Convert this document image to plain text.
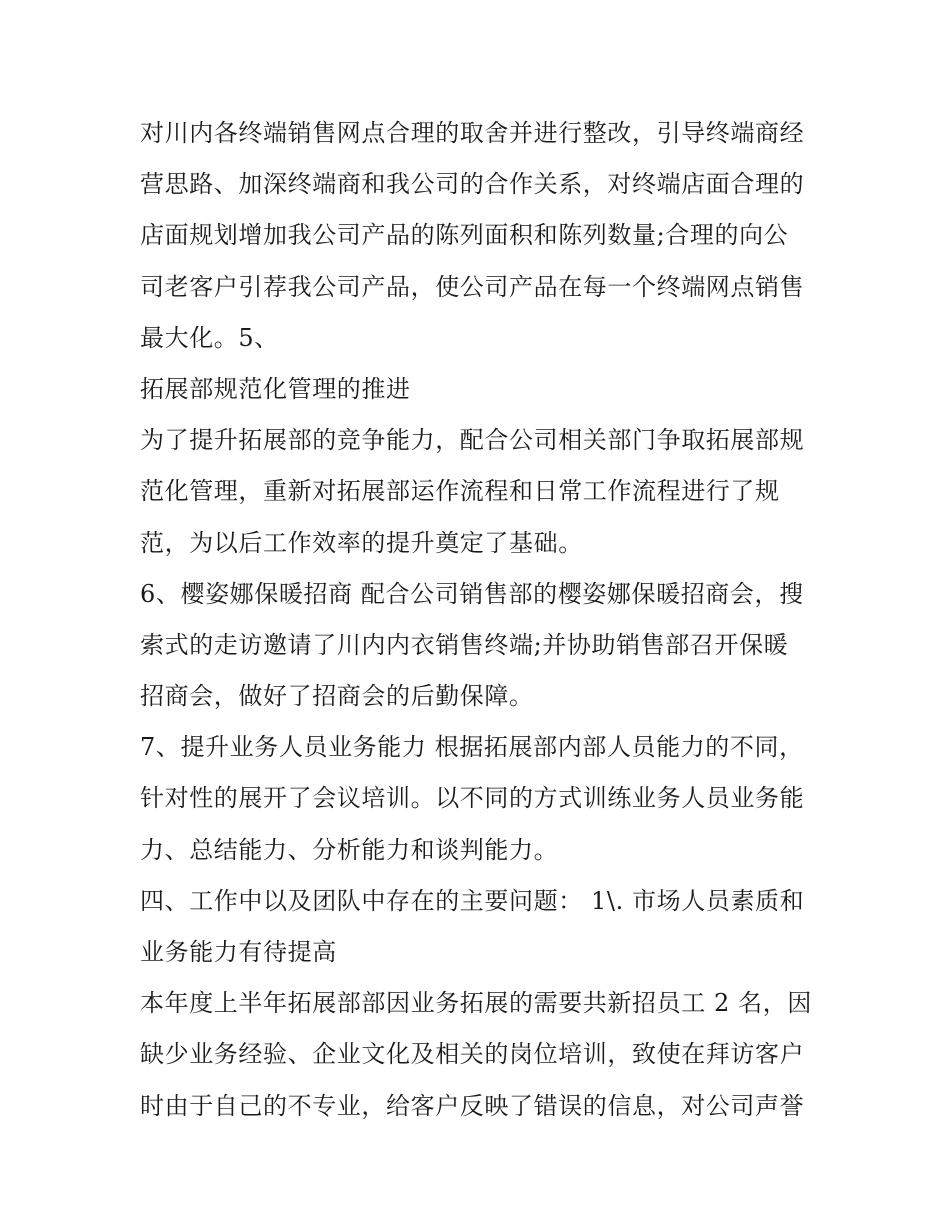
对川内各终端销售网点合理的取舍并进行整改，引导终端商经
营思路、加深终端商和我公司的合作关系，对终端店面合理的
店面规划增加我公司产品的陈列面积和陈列数量;合理的向公
司老客户引荐我公司产品，使公司产品在每一个终端网点销售
最大化。5、
拓展部规范化管理的推进
为了提升拓展部的竞争能力，配合公司相关部门争取拓展部规
范化管理，重新对拓展部运作流程和日常工作流程进行了规
范，为以后工作效率的提升奠定了基础。
6、樱姿娜保暖招商 配合公司销售部的樱姿娜保暖招商会，搜
索式的走访邀请了川内内衣销售终端;并协助销售部召开保暖
招商会，做好了招商会的后勤保障。
7、提升业务人员业务能力 根据拓展部内部人员能力的不同，
针对性的展开了会议培训。以不同的方式训练业务人员业务能
力、总结能力、分析能力和谈判能力。
四、工作中以及团队中存在的主要问题： 1\. 市场人员素质和
业务能力有待提高
本年度上半年拓展部部因业务拓展的需要共新招员工 2 名，因
缺少业务经验、企业文化及相关的岗位培训，致使在拜访客户
时由于自己的不专业，给客户反映了错误的信息，对公司声誉
